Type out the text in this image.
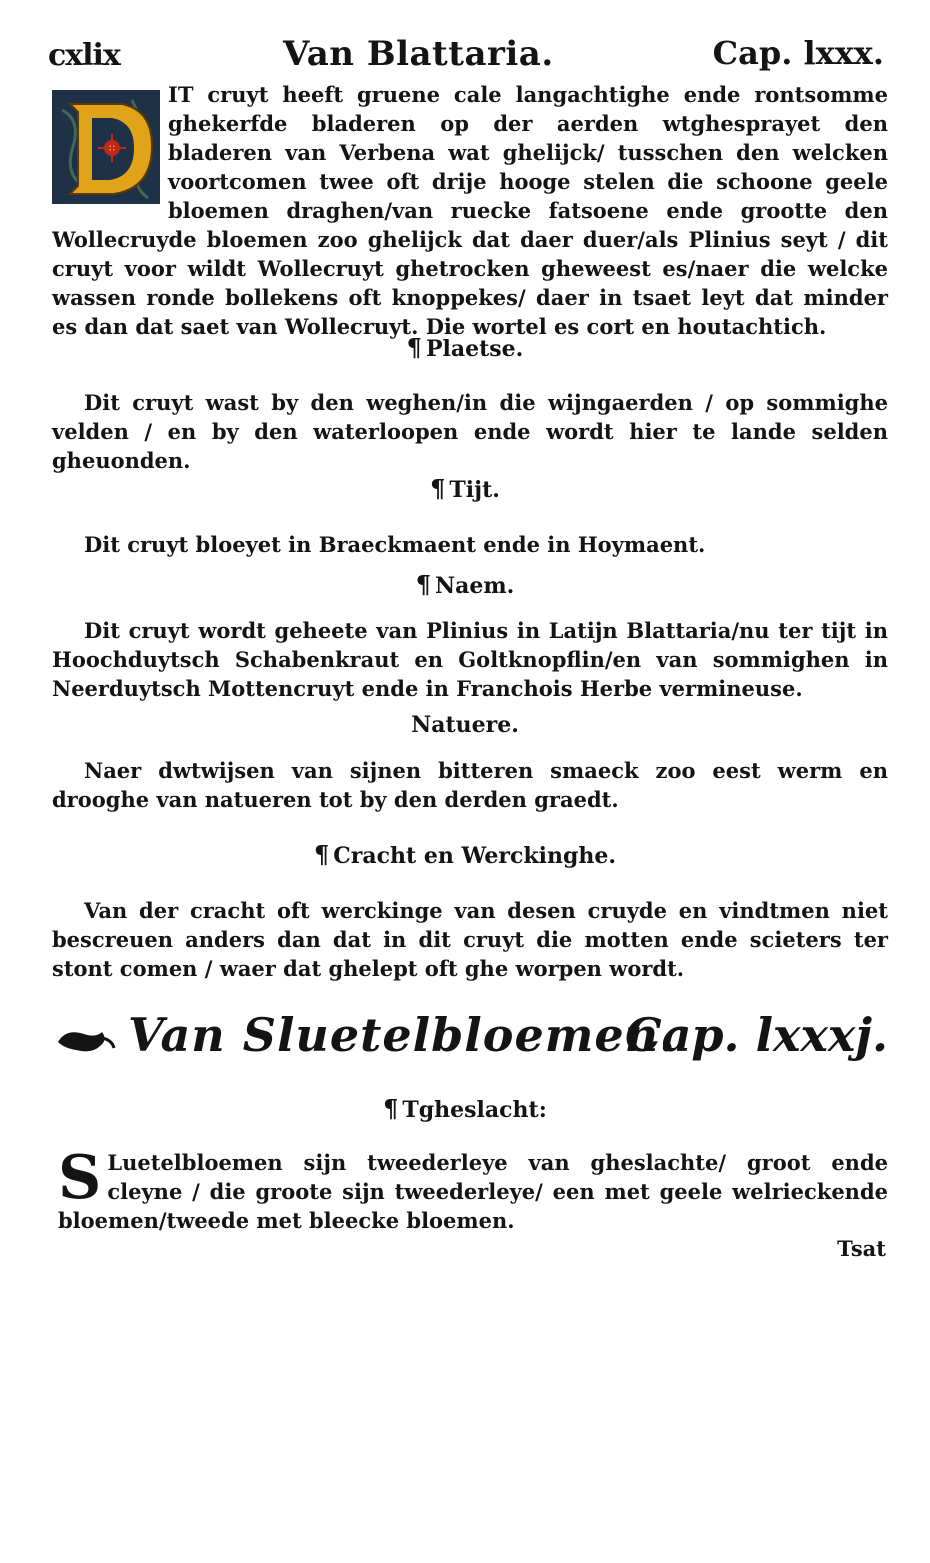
cxlix	Van Blattaria.	Cap. lxxx.

IT cruyt heeft gruene cale langachtighe ende rontsomme ghekerfde bladeren op der aerden wtghesprayet den bladeren van Verbena wat ghelijck/ tusschen den welcken voortcomen twee oft drije hooge stelen die schoone geele bloemen draghen/van ruecke fatsoene ende grootte den Wollecruyde bloemen zoo ghelijck dat daer duer/als Plinius seyt / dit cruyt voor wildt Wollecruyt ghetrocken gheweest es/naer die welcke wassen ronde bollekens oft knoppekes/ daer in tsaet leyt dat minder es dan dat saet van Wollecruyt. Die wortel es cort en houtachtich.

¶ Plaetse.

Dit cruyt wast by den weghen/in die wijngaerden / op sommighe velden / en by den waterloopen ende wordt hier te lande selden gheuonden.

¶ Tijt.

Dit cruyt bloeyet in Braeckmaent ende in Hoymaent.

¶ Naem.

Dit cruyt wordt geheete van Plinius in Latijn Blattaria/nu ter tijt in Hoochduytsch Schabenkraut en Goltknopflin/en van sommighen in Neerduytsch Mottencruyt ende in Franchois Herbe vermineuse.

Natuere.

Naer dwtwijsen van sijnen bitteren smaeck zoo eest werm en drooghe van natueren tot by den derden graedt.

¶ Cracht en Werckinghe.

Van der cracht oft werckinge van desen cruyde en vindtmen niet bescreuen anders dan dat in dit cruyt die motten ende scieters ter stont comen / waer dat ghelept oft ghe worpen wordt.

Van Sluetelbloemen.
Cap. lxxxj.
¶ Tgheslacht:
S Luetelbloemen sijn tweederleye van gheslachte/ groot ende cleyne / die groote sijn tweederleye/ een met geele welrieckende bloemen/tweede met bleecke bloemen.

Tsat
